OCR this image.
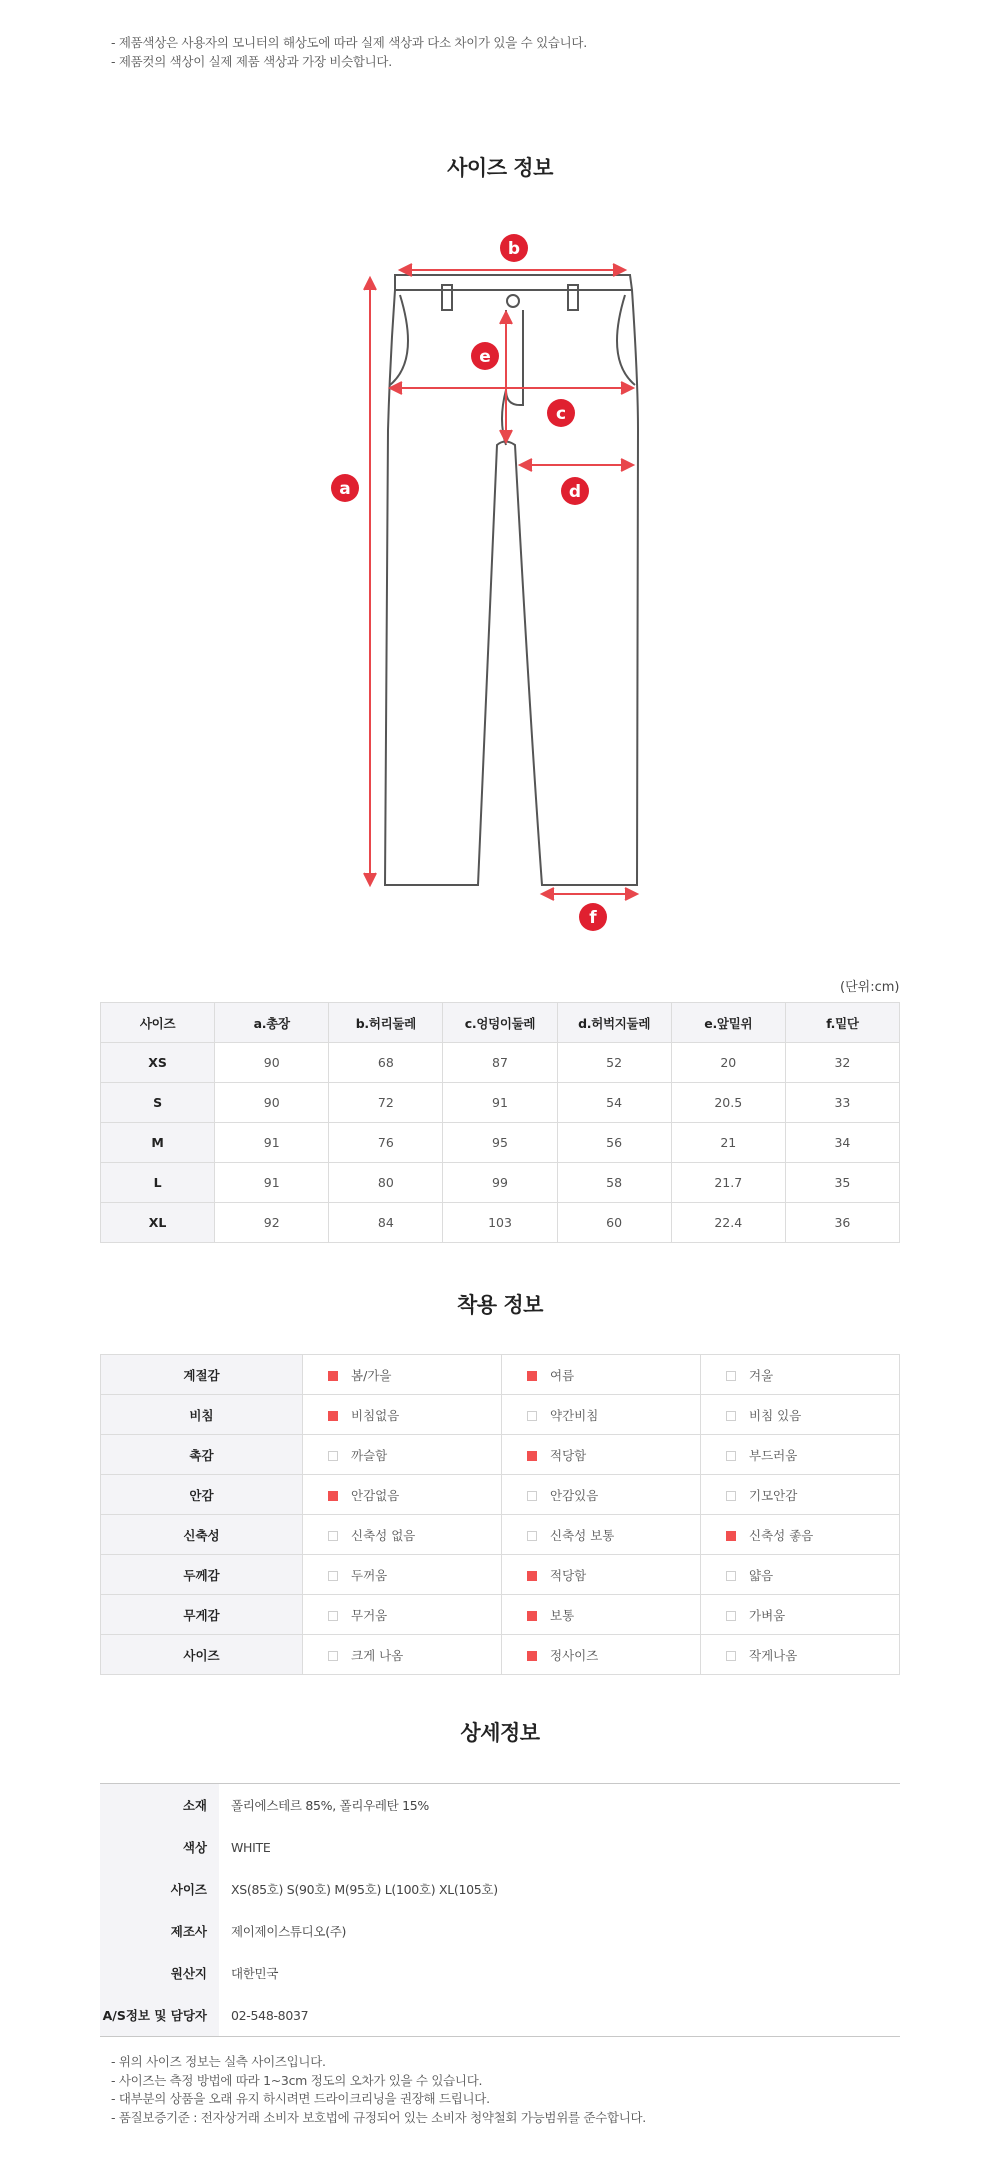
- 제품색상은 사용자의 모니터의 해상도에 따라 실제 색상과 다소 차이가 있을 수 있습니다.
- 제품컷의 색상이 실제 제품 색상과 가장 비슷합니다.
사이즈 정보
a
b
c
d
e
f
(단위:cm)
사이즈	a.총장	b.허리둘레	c.엉덩이둘레	d.허벅지둘레	e.앞밑위	f.밑단
XS	90	68	87	52	20	32
S	90	72	91	54	20.5	33
M	91	76	95	56	21	34
L	91	80	99	58	21.7	35
XL	92	84	103	60	22.4	36
착용 정보
계절감	봄/가을	여름	겨울
비침	비침없음	약간비침	비침 있음
촉감	까슬함	적당함	부드러움
안감	안감없음	안감있음	기모안감
신축성	신축성 없음	신축성 보통	신축성 좋음
두께감	두꺼움	적당함	얇음
무게감	무거움	보통	가벼움
사이즈	크게 나옴	정사이즈	작게나옴
상세정보
소재	폴리에스테르 85%, 폴리우레탄 15%
색상	WHITE
사이즈	XS(85호) S(90호) M(95호) L(100호) XL(105호)
제조사	제이제이스튜디오(주)
원산지	대한민국
A/S정보 및 담당자	02-548-8037
- 위의 사이즈 정보는 실측 사이즈입니다.
- 사이즈는 측정 방법에 따라 1~3cm 정도의 오차가 있을 수 있습니다.
- 대부분의 상품을 오래 유지 하시려면 드라이크리닝을 권장해 드립니다.
- 품질보증기준 : 전자상거래 소비자 보호법에 규정되어 있는 소비자 청약철회 가능범위를 준수합니다.
